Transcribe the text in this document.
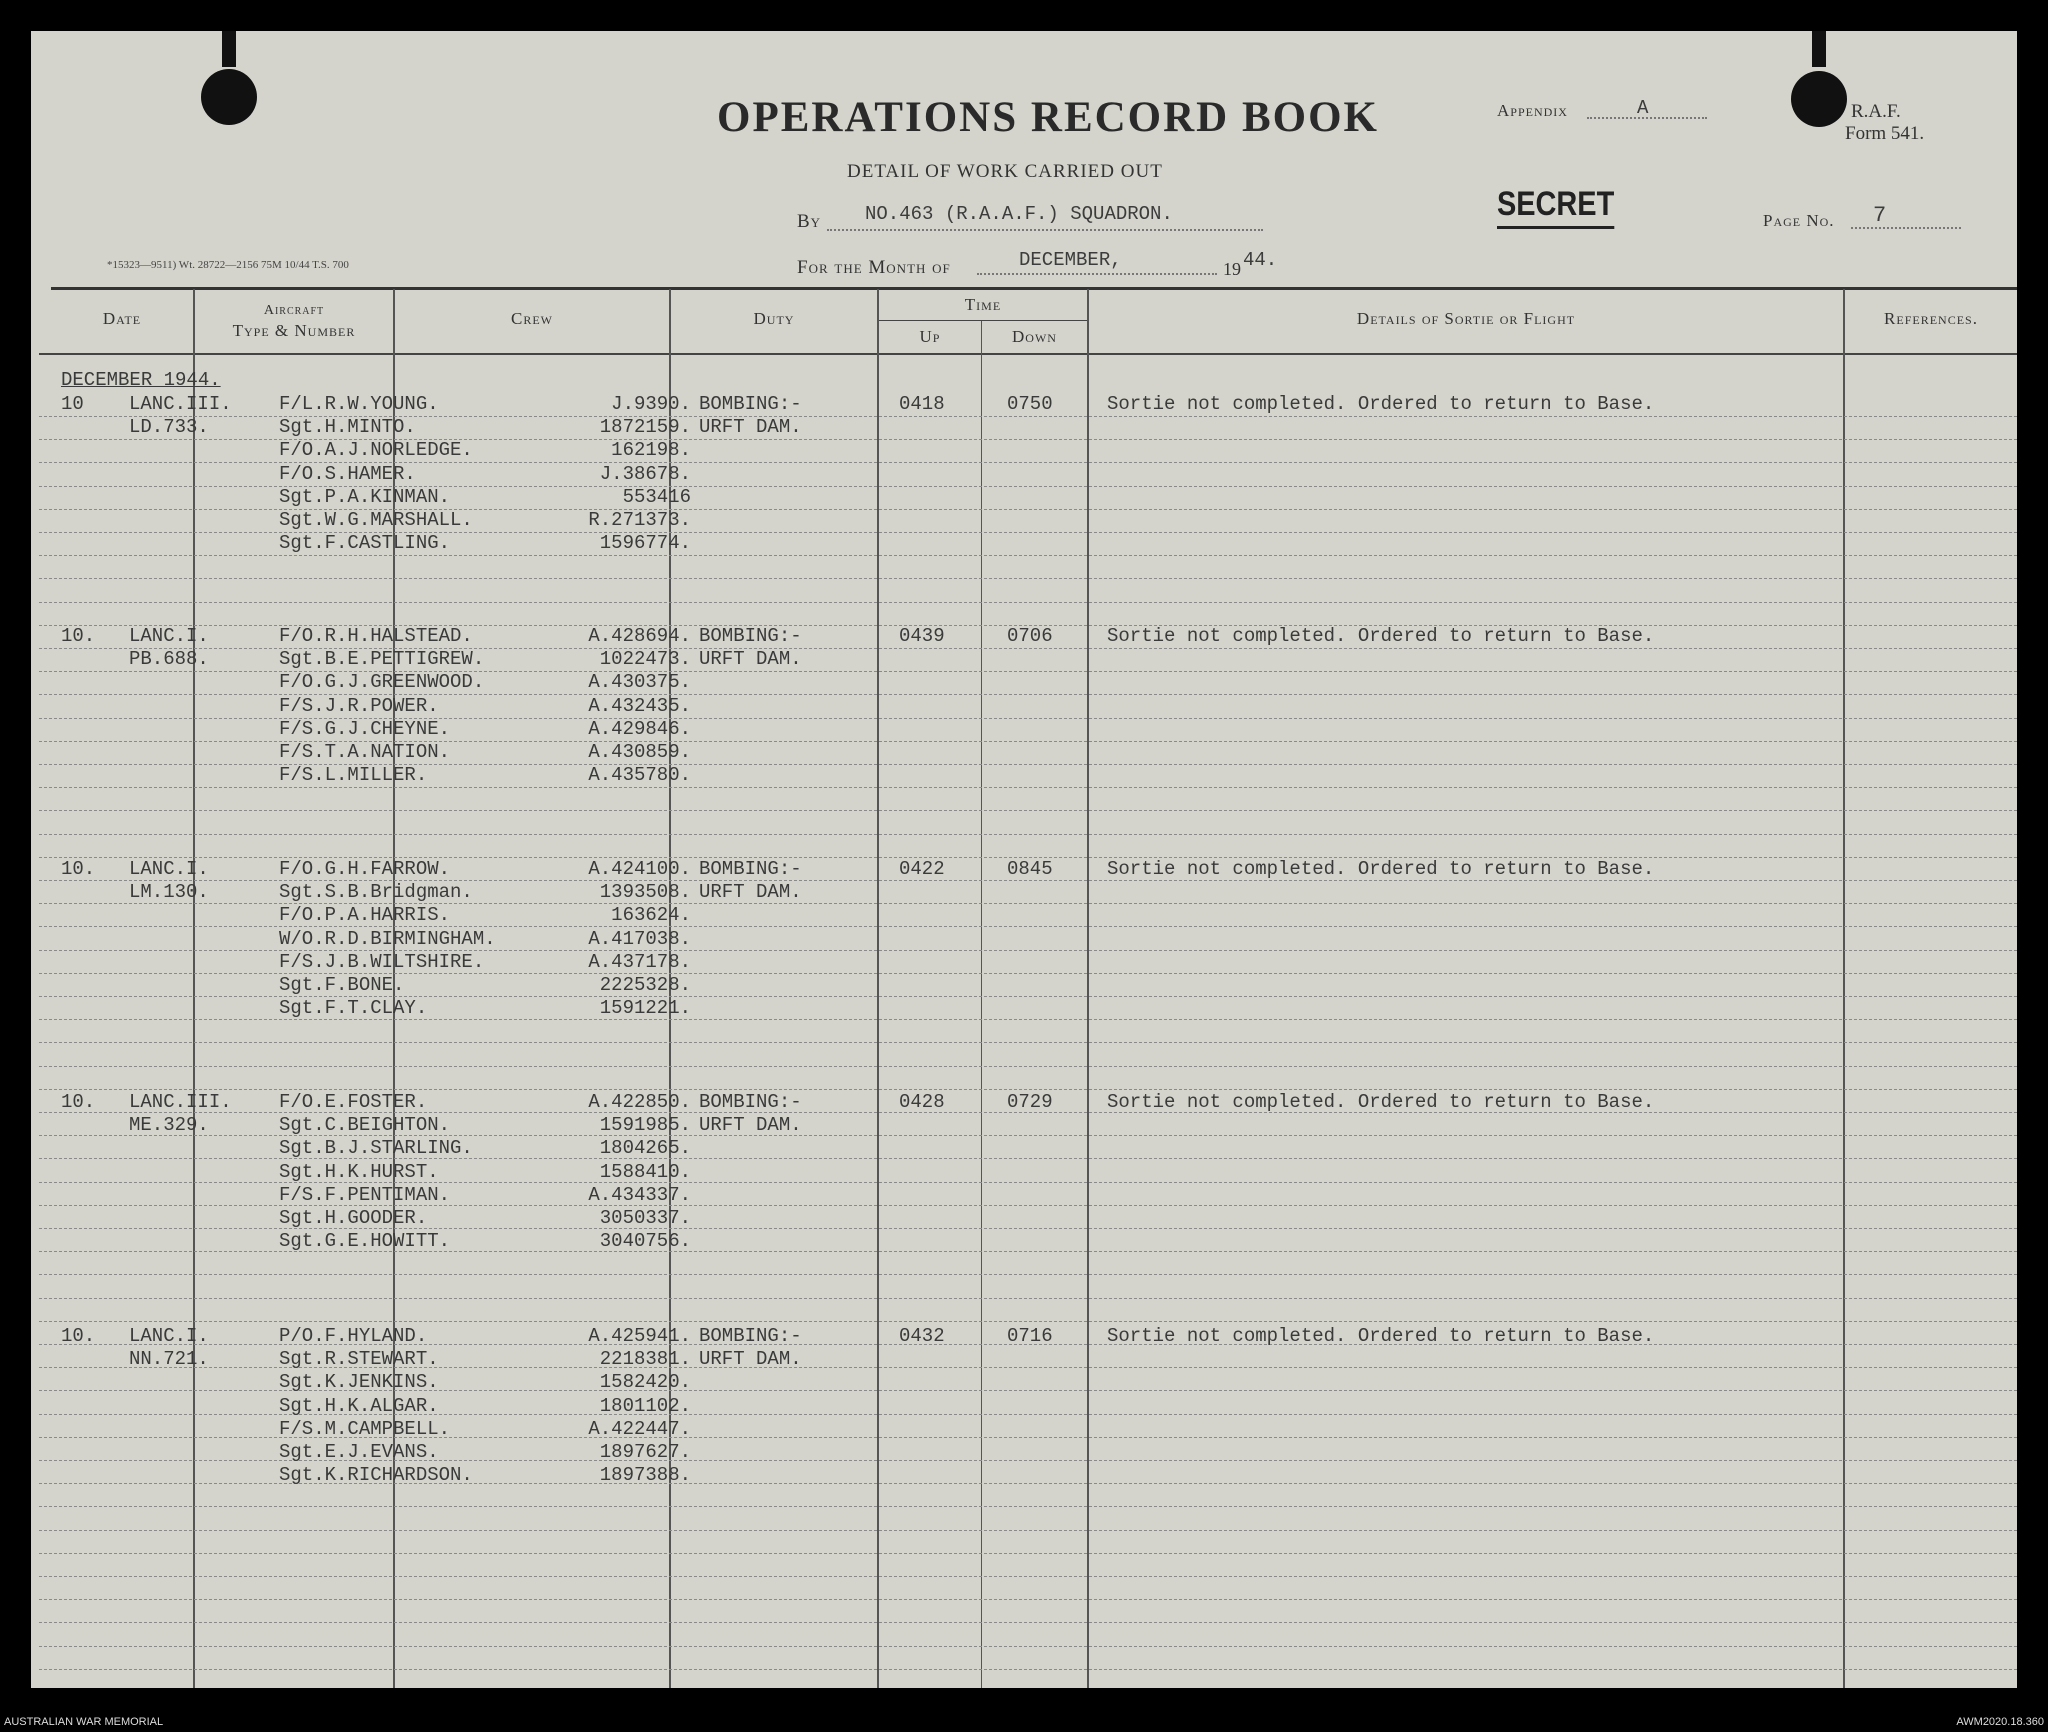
OPERATIONS RECORD BOOK	Appendix	A	R.A.F.
Form 541.
DETAIL OF WORK CARRIED OUT
By NO.463 (R.A.A.F.) SQUADRON.	SECRET	Page No. 7
*15323—9511) Wt. 28722—2156 75M 10/44 T.S. 700	For the Month of	DECEMBER,	19 44.
Date	Aircraft
Type & Number
Crew	Duty
Time
Up	Down
Details of Sortie or Flight	References.
DECEMBER 1944.
10 LANC.III.
LD.733.
F/L.R.W.YOUNG.	J.9390.
Sgt.H.MINTO.	1872159.
F/O.A.J.NORLEDGE.	162198.
F/O.S.HAMER.	J.38678.
Sgt.P.A.KINMAN.	553416
Sgt.W.G.MARSHALL.	R.271373.
Sgt.F.CASTLING.	1596774.
BOMBING:-
URFT DAM.
0418	0750	Sortie not completed. Ordered to return to Base.
10. LANC.I.
PB.688.
F/O.R.H.HALSTEAD.	A.428694.
Sgt.B.E.PETTIGREW.	1022473.
F/O.G.J.GREENWOOD.	A.430375.
F/S.J.R.POWER.	A.432435.
F/S.G.J.CHEYNE.	A.429846.
F/S.T.A.NATION.	A.430859.
F/S.L.MILLER.	A.435780.
BOMBING:-
URFT DAM.
0439	0706	Sortie not completed. Ordered to return to Base.
10. LANC.I.
LM.130.
F/O.G.H.FARROW.	A.424100.
Sgt.S.B.Bridgman.	1393508.
F/O.P.A.HARRIS.	163624.
W/O.R.D.BIRMINGHAM.	A.417038.
F/S.J.B.WILTSHIRE.	A.437178.
Sgt.F.BONE.	2225328.
Sgt.F.T.CLAY.	1591221.
BOMBING:-
URFT DAM.
0422	0845	Sortie not completed. Ordered to return to Base.
10. LANC.III.
ME.329.
F/O.E.FOSTER.	A.422850.
Sgt.C.BEIGHTON.	1591985.
Sgt.B.J.STARLING.	1804265.
Sgt.H.K.HURST.	1588410.
F/S.F.PENTIMAN.	A.434337.
Sgt.H.GOODER.	3050337.
Sgt.G.E.HOWITT.	3040756.
BOMBING:-
URFT DAM.
0428	0729	Sortie not completed. Ordered to return to Base.
10. LANC.I.
NN.721.
P/O.F.HYLAND.	A.425941.
Sgt.R.STEWART.	2218381.
Sgt.K.JENKINS.	1582420.
Sgt.H.K.ALGAR.	1801102.
F/S.M.CAMPBELL.	A.422447.
Sgt.E.J.EVANS.	1897627.
Sgt.K.RICHARDSON.	1897388.
BOMBING:-
URFT DAM.
0432	0716	Sortie not completed. Ordered to return to Base.
AUSTRALIAN WAR MEMORIAL	AWM2020.18.360
